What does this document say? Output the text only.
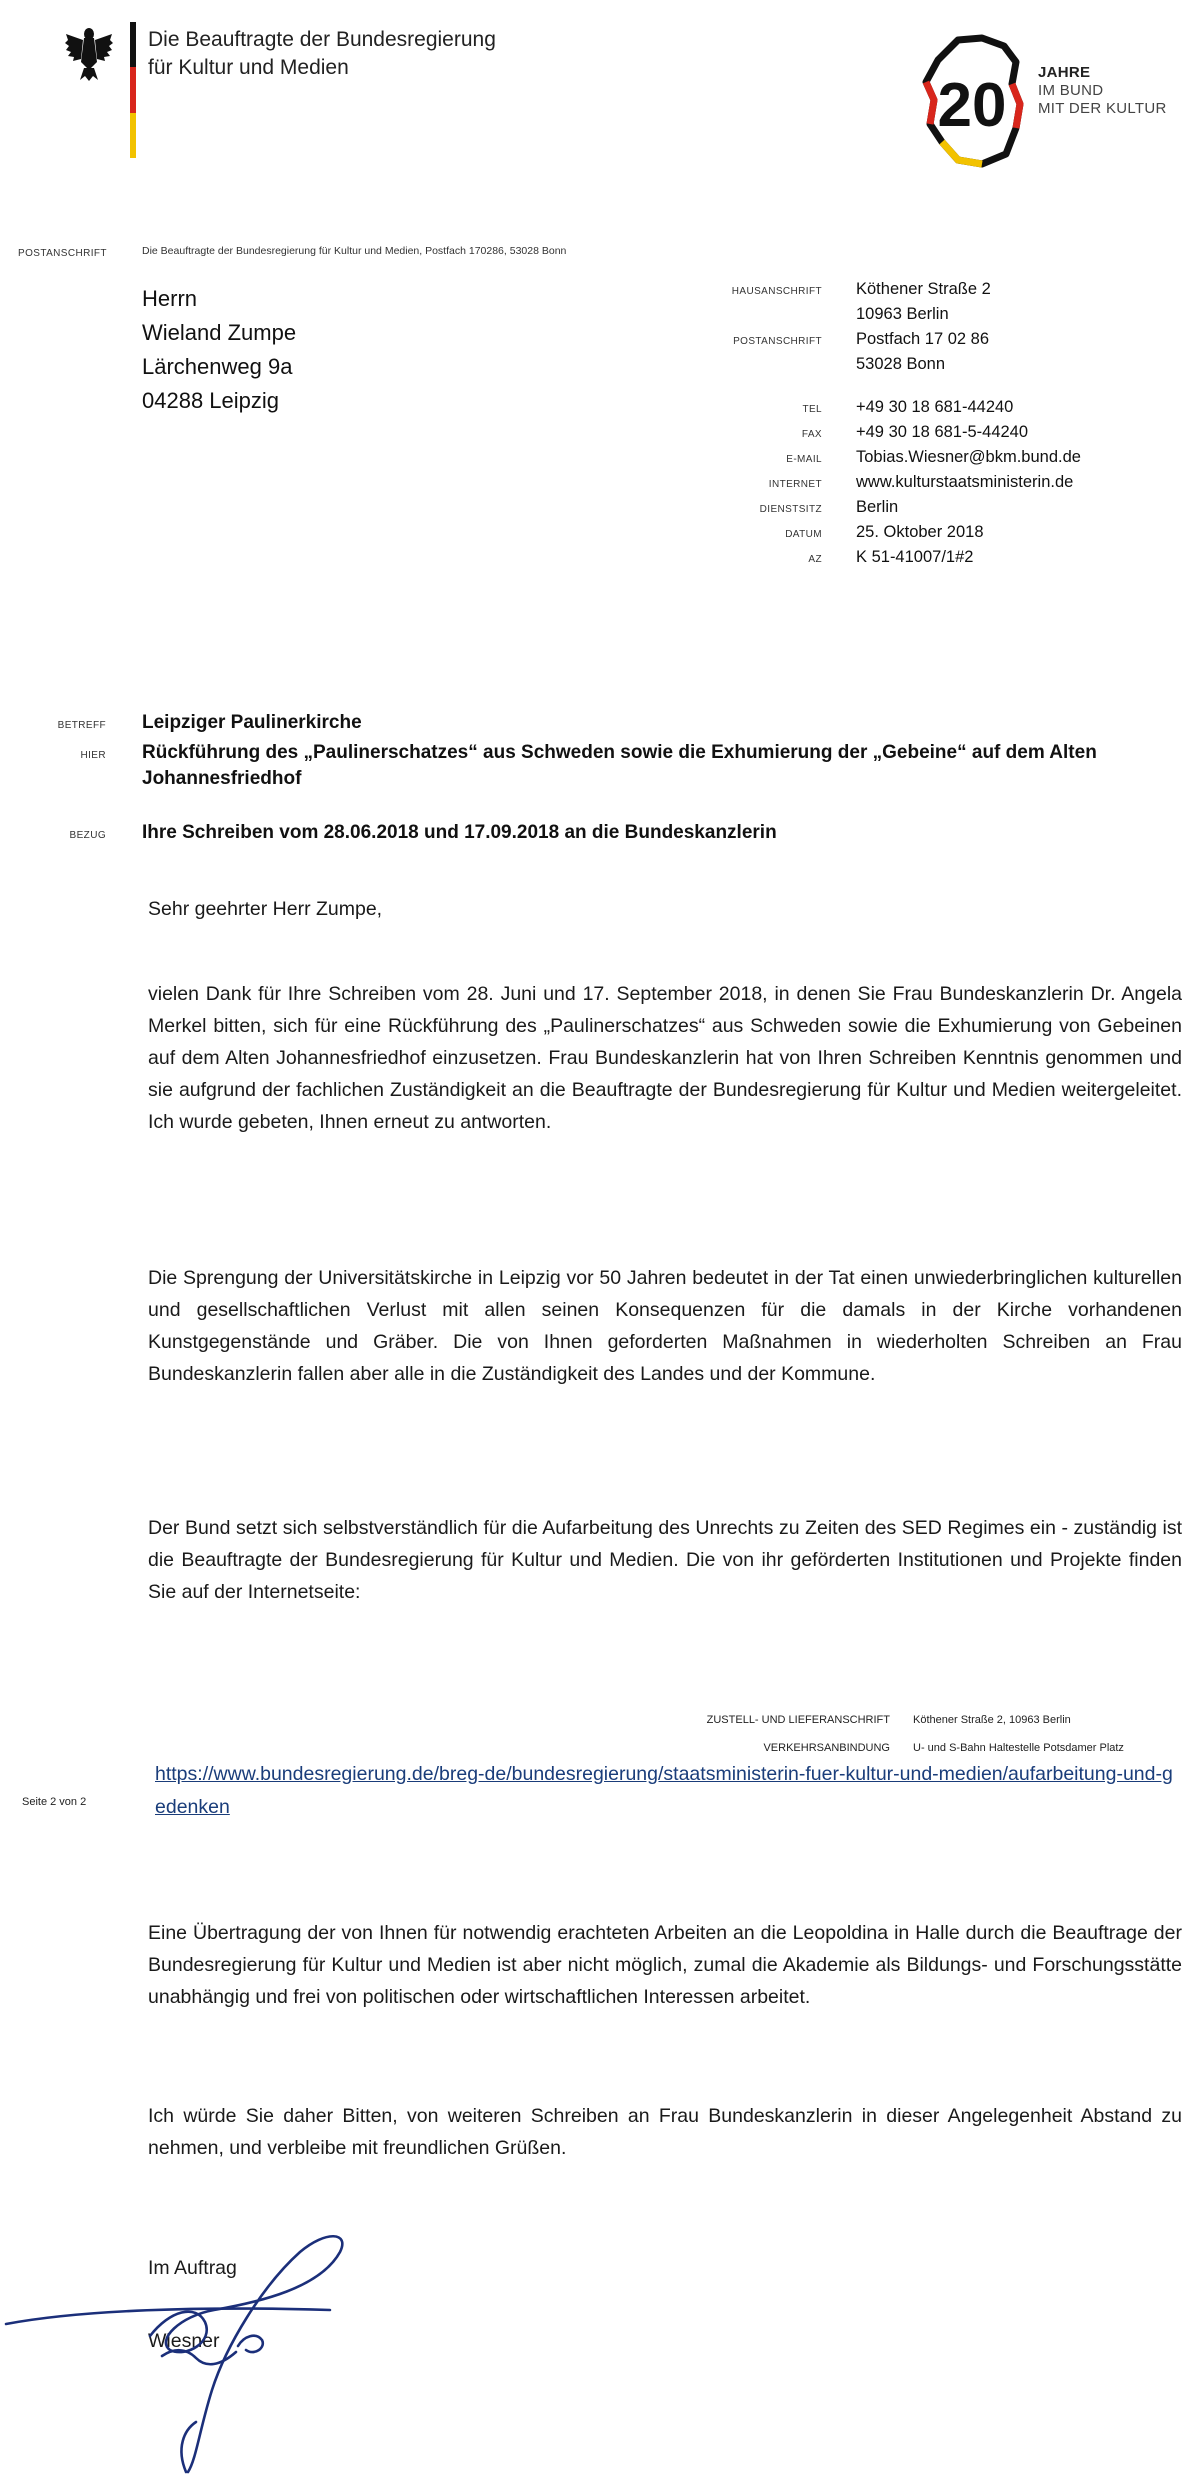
Die Beauftragte der Bundesregierung
für Kultur und Medien
20 JAHRE
IM BUND
MIT DER KULTUR
POSTANSCHRIFT	Die Beauftragte der Bundesregierung für Kultur und Medien, Postfach 170286, 53028 Bonn
Herrn
Wieland Zumpe
Lärchenweg 9a
04288 Leipzig
HAUSANSCHRIFT	Köthener Straße 2
10963 Berlin
POSTANSCHRIFT	Postfach 17 02 86
53028 Bonn
TEL	+49 30 18 681-44240
FAX	+49 30 18 681-5-44240
E-MAIL	Tobias.Wiesner@bkm.bund.de
INTERNET	www.kulturstaatsministerin.de
DIENSTSITZ	Berlin
DATUM	25. Oktober 2018
AZ	K 51-41007/1#2
BETREFF Leipziger Paulinerkirche
HIER Rückführung des „Paulinerschatzes“ aus Schweden sowie die Exhumierung der „Gebeine“ auf dem Alten Johannesfriedhof
BEZUG Ihre Schreiben vom 28.06.2018 und 17.09.2018 an die Bundeskanzlerin
Sehr geehrter Herr Zumpe,
vielen Dank für Ihre Schreiben vom 28. Juni und 17. September 2018, in denen Sie Frau Bundeskanzlerin Dr. Angela Merkel bitten, sich für eine Rückführung des „Paulinerschatzes“ aus Schweden sowie die Exhumierung von Gebeinen auf dem Alten Johannesfriedhof einzusetzen. Frau Bundeskanzlerin hat von Ihren Schreiben Kenntnis genommen und sie aufgrund der fachlichen Zuständigkeit an die Beauftragte der Bundesregierung für Kultur und Medien weitergeleitet. Ich wurde gebeten, Ihnen erneut zu antworten.
Die Sprengung der Universitätskirche in Leipzig vor 50 Jahren bedeutet in der Tat einen unwiederbringlichen kulturellen und gesellschaftlichen Verlust mit allen seinen Konsequenzen für die damals in der Kirche vorhandenen Kunstgegenstände und Gräber. Die von Ihnen geforderten Maßnahmen in wiederholten Schreiben an Frau Bundeskanzlerin fallen aber alle in die Zuständigkeit des Landes und der Kommune.
Der Bund setzt sich selbstverständlich für die Aufarbeitung des Unrechts zu Zeiten des SED Regimes ein - zuständig ist die Beauftragte der Bundesregierung für Kultur und Medien. Die von ihr geförderten Institutionen und Projekte finden Sie auf der Internetseite:
ZUSTELL- UND LIEFERANSCHRIFT Köthener Straße 2, 10963 Berlin
VERKEHRSANBINDUNG U- und S-Bahn Haltestelle Potsdamer Platz
Seite 2 von 2
https://www.bundesregierung.de/breg-de/bundesregierung/staatsministerin-fuer-kultur-und-medien/aufarbeitung-und-gedenken
Eine Übertragung der von Ihnen für notwendig erachteten Arbeiten an die Leopoldina in Halle durch die Beauftrage der Bundesregierung für Kultur und Medien ist aber nicht möglich, zumal die Akademie als Bildungs- und Forschungsstätte unabhängig und frei von politischen oder wirtschaftlichen Interessen arbeitet.
Ich würde Sie daher Bitten, von weiteren Schreiben an Frau Bundeskanzlerin in dieser Angelegenheit Abstand zu nehmen, und verbleibe mit freundlichen Grüßen.
Im Auftrag
Wiesner
